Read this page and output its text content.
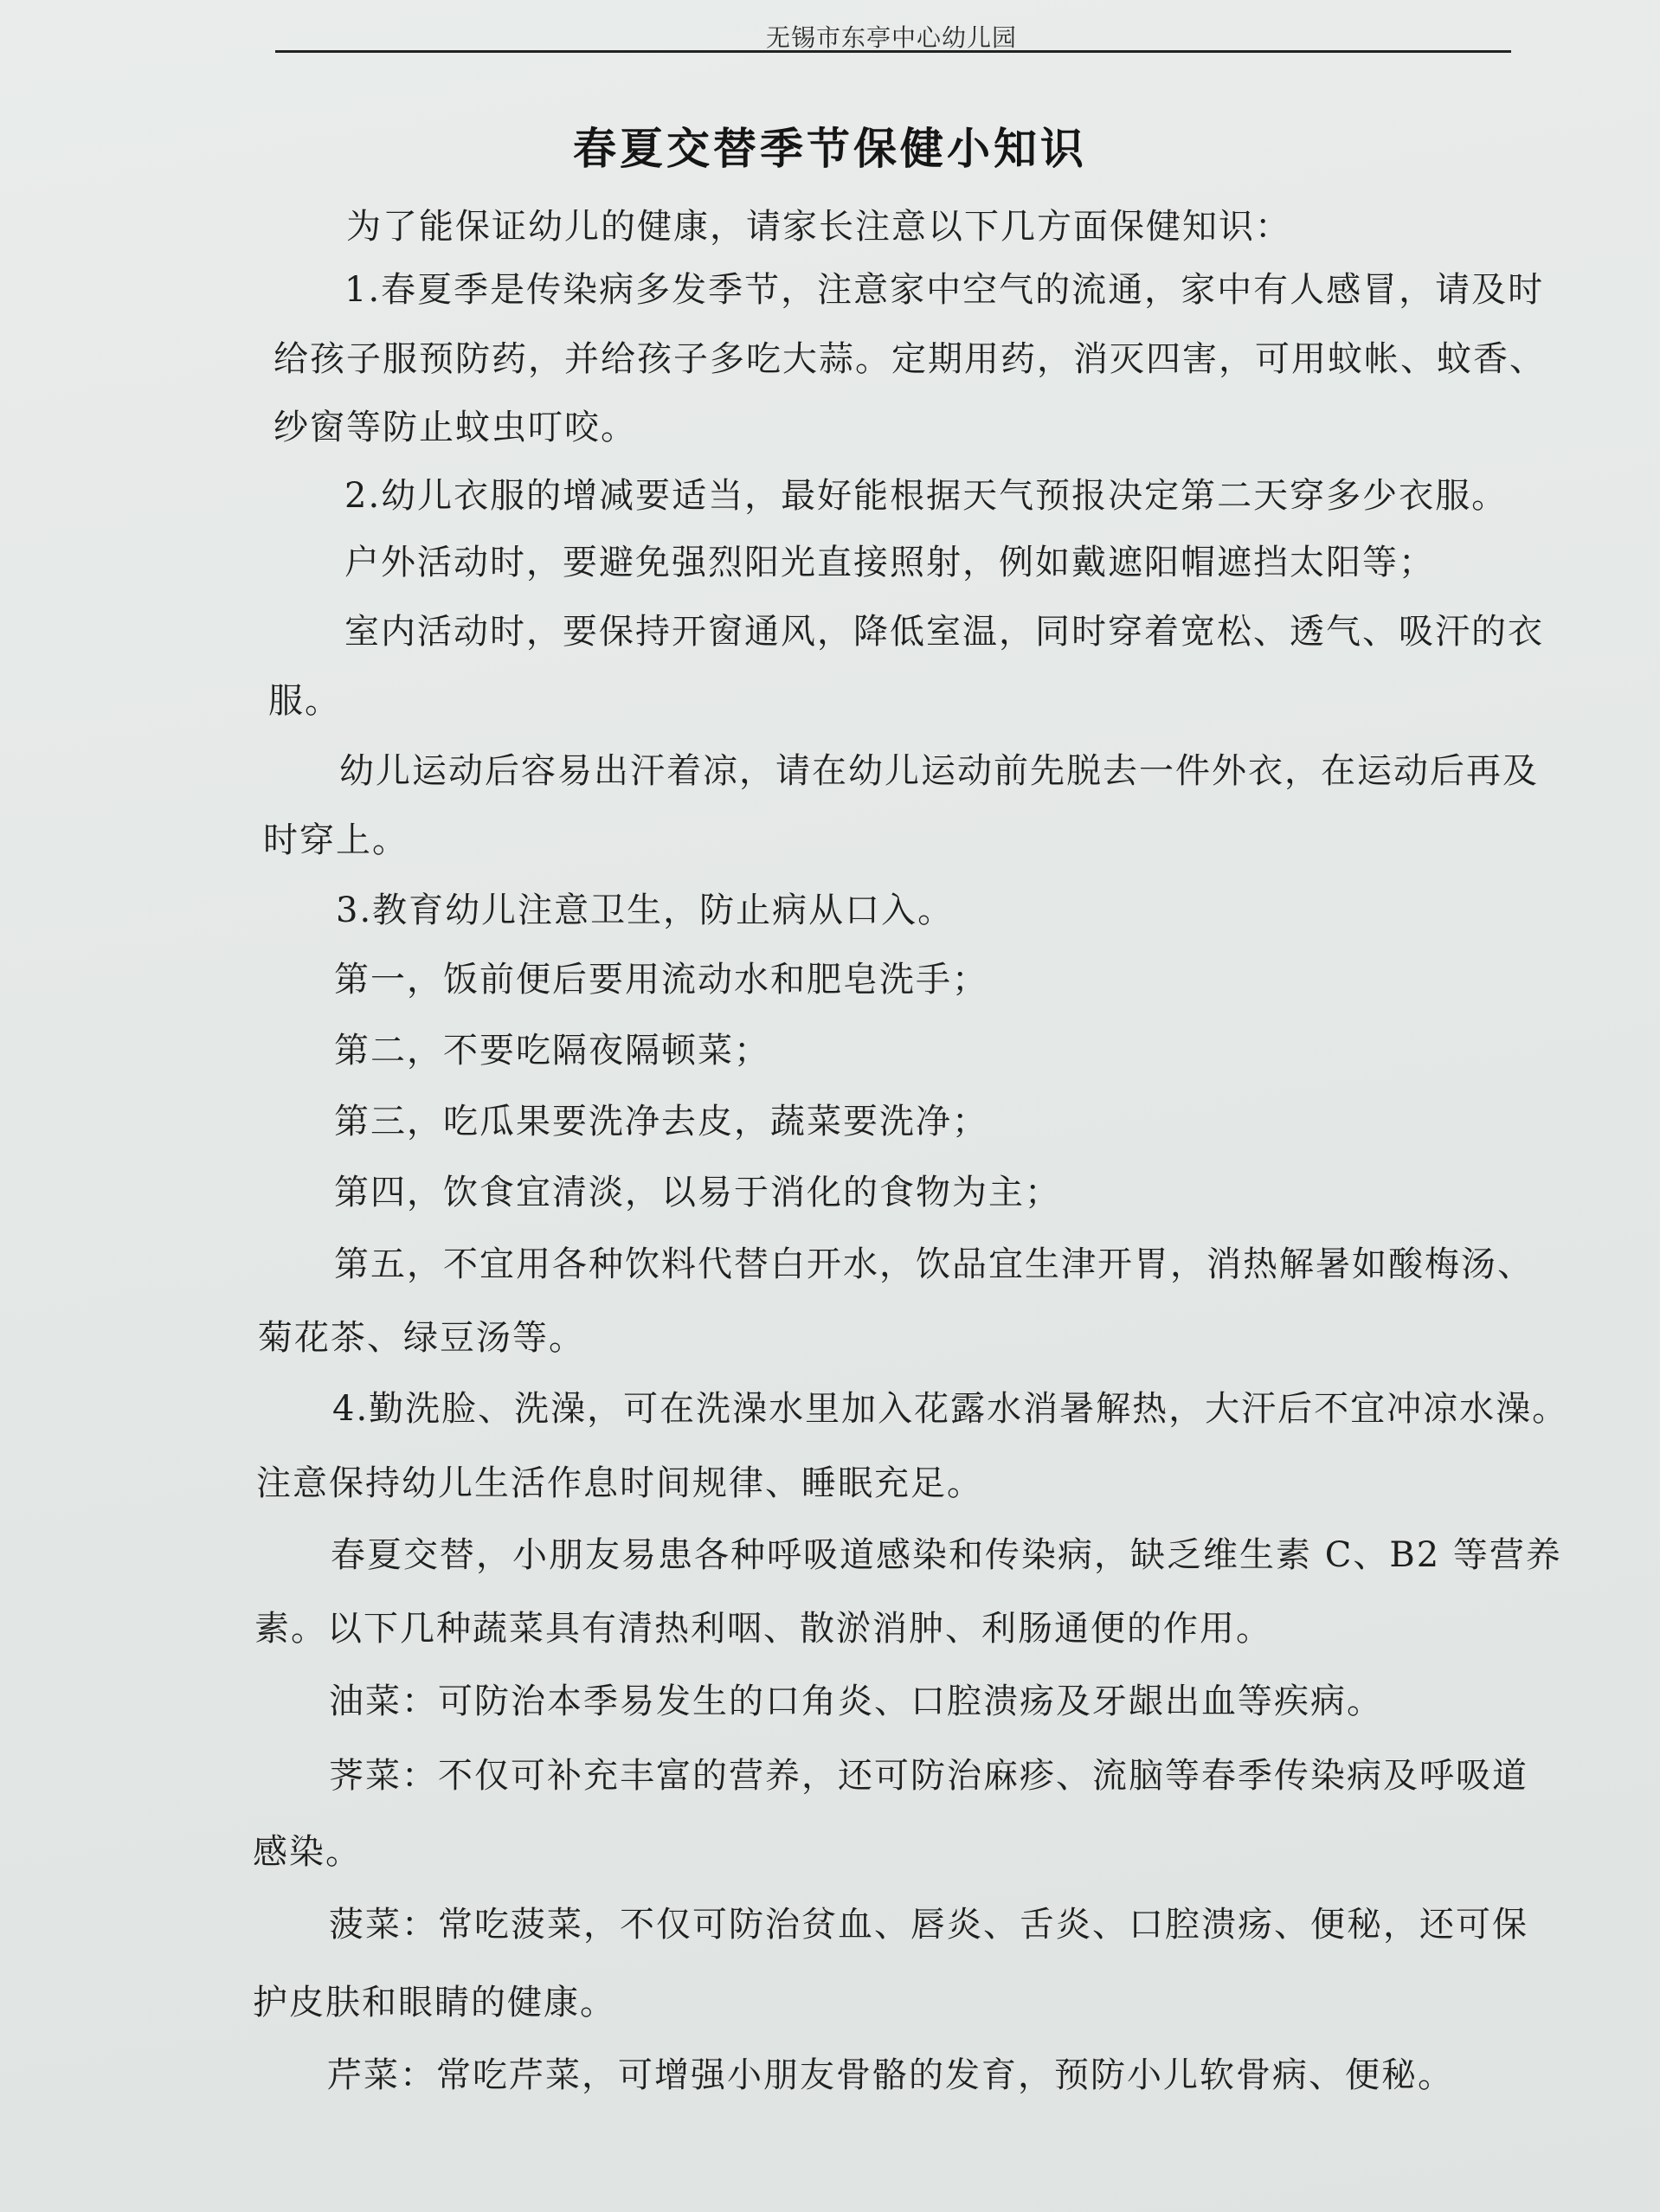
无锡市东亭中心幼儿园
春夏交替季节保健小知识
为了能保证幼儿的健康，请家长注意以下几方面保健知识：
1.春夏季是传染病多发季节，注意家中空气的流通，家中有人感冒，请及时
给孩子服预防药，并给孩子多吃大蒜。定期用药，消灭四害，可用蚊帐、蚊香、
纱窗等防止蚊虫叮咬。
2.幼儿衣服的增减要适当，最好能根据天气预报决定第二天穿多少衣服。
户外活动时，要避免强烈阳光直接照射，例如戴遮阳帽遮挡太阳等；
室内活动时，要保持开窗通风，降低室温，同时穿着宽松、透气、吸汗的衣
服。
幼儿运动后容易出汗着凉，请在幼儿运动前先脱去一件外衣，在运动后再及
时穿上。
3.教育幼儿注意卫生，防止病从口入。
第一，饭前便后要用流动水和肥皂洗手；
第二，不要吃隔夜隔顿菜；
第三，吃瓜果要洗净去皮，蔬菜要洗净；
第四，饮食宜清淡，以易于消化的食物为主；
第五，不宜用各种饮料代替白开水，饮品宜生津开胃，消热解暑如酸梅汤、
菊花茶、绿豆汤等。
4.勤洗脸、洗澡，可在洗澡水里加入花露水消暑解热，大汗后不宜冲凉水澡。
注意保持幼儿生活作息时间规律、睡眠充足。
春夏交替，小朋友易患各种呼吸道感染和传染病，缺乏维生素 C、B2 等营养
素。以下几种蔬菜具有清热利咽、散淤消肿、利肠通便的作用。
油菜：可防治本季易发生的口角炎、口腔溃疡及牙龈出血等疾病。
荠菜：不仅可补充丰富的营养，还可防治麻疹、流脑等春季传染病及呼吸道
感染。
菠菜：常吃菠菜，不仅可防治贫血、唇炎、舌炎、口腔溃疡、便秘，还可保
护皮肤和眼睛的健康。
芹菜：常吃芹菜，可增强小朋友骨骼的发育，预防小儿软骨病、便秘。
